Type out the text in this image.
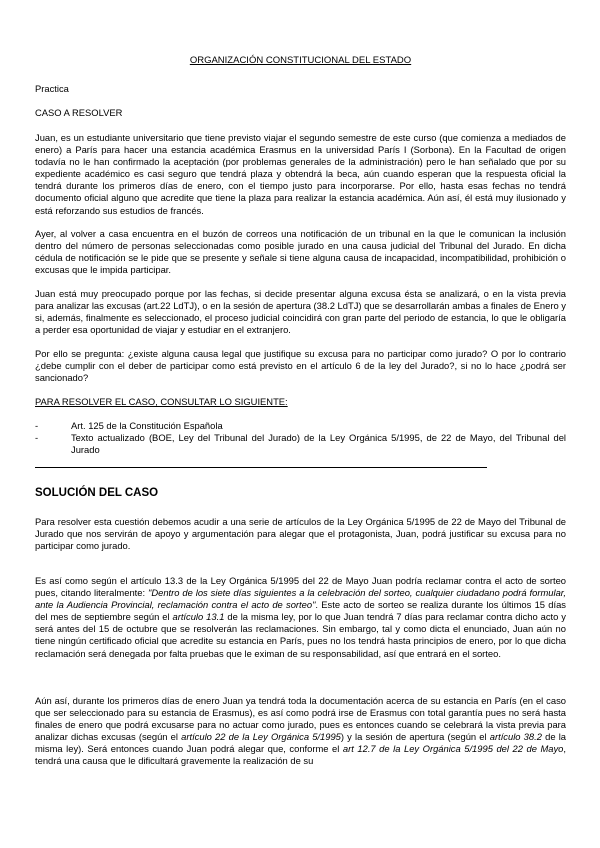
ORGANIZACIÓN CONSTITUCIONAL DEL ESTADO
Practica
CASO A RESOLVER
Juan, es un estudiante universitario que tiene previsto viajar el segundo semestre de este curso (que comienza a mediados de enero) a París para hacer una estancia académica Erasmus en la universidad París I (Sorbona). En la Facultad de origen todavía no le han confirmado la aceptación (por problemas generales de la administración) pero le han señalado que por su expediente académico es casi seguro que tendrá plaza y obtendrá la beca, aún cuando esperan que la respuesta oficial la tendrá durante los primeros días de enero, con el tiempo justo para incorporarse. Por ello, hasta esas fechas no tendrá documento oficial alguno que acredite que tiene la plaza para realizar la estancia académica. Aún así, él está muy ilusionado y está reforzando sus estudios de francés.
Ayer, al volver a casa encuentra en el buzón de correos una notificación de un tribunal en la que le comunican la inclusión dentro del número de personas seleccionadas como posible jurado en una causa judicial del Tribunal del Jurado. En dicha cédula de notificación se le pide que se presente y señale si tiene alguna causa de incapacidad, incompatibilidad, prohibición o excusas que le impida participar.
Juan está muy preocupado porque por las fechas, si decide presentar alguna excusa ésta se analizará, o en la vista previa para analizar las excusas (art.22 LdTJ), o en la sesión de apertura (38.2 LdTJ) que se desarrollarán ambas a finales de Enero y si, además, finalmente es seleccionado, el proceso judicial coincidirá con gran parte del periodo de estancia, lo que le obligaría a perder esa oportunidad de viajar y estudiar en el extranjero.
Por ello se pregunta: ¿existe alguna causa legal que justifique su excusa para no participar como jurado? O por lo contrario ¿debe cumplir con el deber de participar como está previsto en el artículo 6 de la ley del Jurado?, si no lo hace ¿podrá ser sancionado?
PARA RESOLVER EL CASO, CONSULTAR LO SIGUIENTE:
-	Art. 125 de la Constitución Española
-	Texto actualizado (BOE, Ley del Tribunal del Jurado) de la Ley Orgánica 5/1995, de 22 de Mayo, del Tribunal del Jurado
SOLUCIÓN DEL CASO
Para resolver esta cuestión debemos acudir a una serie de artículos de la Ley Orgánica 5/1995 de 22 de Mayo del Tribunal de Jurado que nos servirán de apoyo y argumentación para alegar que el protagonista, Juan, podrá justificar su excusa para no participar como jurado.
Es así como según el artículo 13.3 de la Ley Orgánica 5/1995 del 22 de Mayo Juan podría reclamar contra el acto de sorteo pues, citando literalmente: "Dentro de los siete días siguientes a la celebración del sorteo, cualquier ciudadano podrá formular, ante la Audiencia Provincial, reclamación contra el acto de sorteo". Este acto de sorteo se realiza durante los últimos 15 días del mes de septiembre según el artículo 13.1 de la misma ley, por lo que Juan tendrá 7 días para reclamar contra dicho acto y será antes del 15 de octubre que se resolverán las reclamaciones. Sin embargo, tal y como dicta el enunciado, Juan aún no tiene ningún certificado oficial que acredite su estancia en París, pues no los tendrá hasta principios de enero, por lo que dicha reclamación será denegada por falta pruebas que le eximan de su responsabilidad, así que entrará en el sorteo.
Aún así, durante los primeros días de enero Juan ya tendrá toda la documentación acerca de su estancia en París (en el caso que ser seleccionado para su estancia de Erasmus), es así como podrá irse de Erasmus con total garantía pues no será hasta finales de enero que podrá excusarse para no actuar como jurado, pues es entonces cuando se celebrará la vista previa para analizar dichas excusas (según el artículo 22 de la Ley Orgánica 5/1995) y la sesión de apertura (según el artículo 38.2 de la misma ley). Será entonces cuando Juan podrá alegar que, conforme el art 12.7 de la Ley Orgánica 5/1995 del 22 de Mayo, tendrá una causa que le dificultará gravemente la realización de su
